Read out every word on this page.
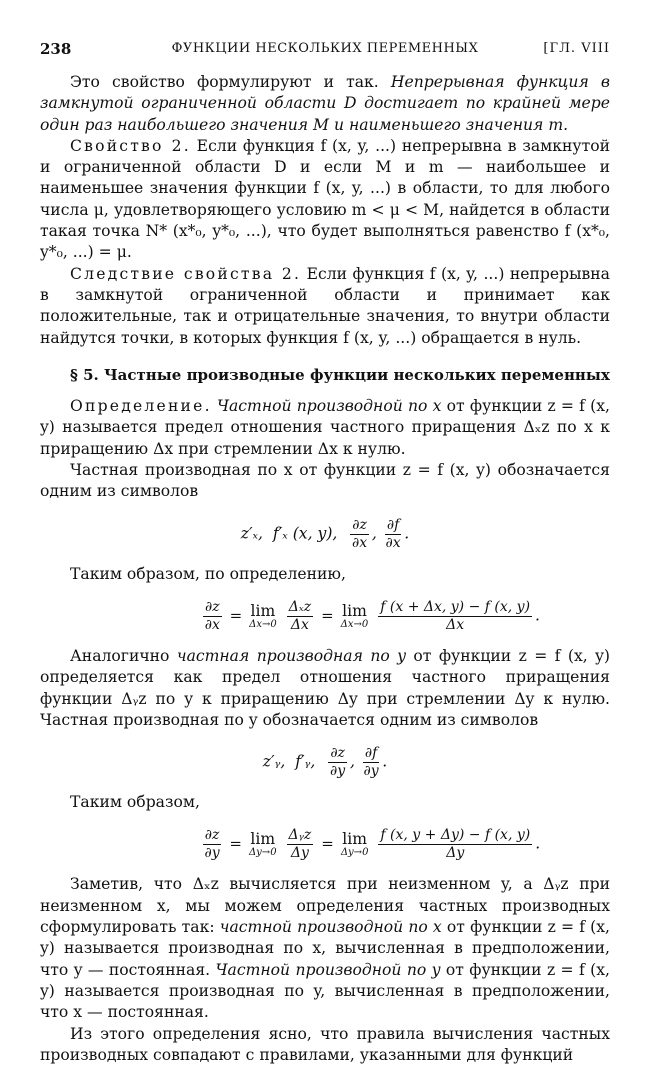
238	ФУНКЦИИ НЕСКОЛЬКИХ ПЕРЕМЕННЫХ	[ГЛ. VIII

Это свойство формулируют и так. Непрерывная функция в замкнутой ограниченной области D достигает по крайней мере один раз наибольшего значения M и наименьшего значения m.

Свойство 2. Если функция f (x, y, ...) непрерывна в замкнутой и ограниченной области D и если M и m — наибольшее и наименьшее значения функции f (x, y, ...) в области, то для любого числа μ, удовлетворяющего условию m < μ < M, найдется в области такая точка N* (x*₀, y*₀, ...), что будет выполняться равенство f (x*₀, y*₀, ...) = μ.

Следствие свойства 2. Если функция f (x, y, ...) непрерывна в замкнутой ограниченной области и принимает как положительные, так и отрицательные значения, то внутри области найдутся точки, в которых функция f (x, y, ...) обращается в нуль.

§ 5. Частные производные функции нескольких переменных

Определение. Частной производной по x от функции z = f (x, y) называется предел отношения частного приращения Δₓz по x к приращению Δx при стремлении Δx к нулю.

Частная производная по x от функции z = f (x, y) обозначается одним из символов

z′ₓ, f′ₓ (x, y), $\frac{\partial z}{\partial x}$ , $\frac{\partial f}{\partial x}$ .

Таким образом, по определению,

$\frac{\partial z}{\partial x} = \lim$
Δx→0
$\frac{\text{Δₓz}}{\Delta x} = \lim$
Δx→0
$\frac{f (x + \Delta x, y) - f (x, y)}{\Delta x}$ .

Аналогично частная производная по y от функции z = f (x, y) определяется как предел отношения частного приращения функции Δᵧz по y к приращению Δy при стремлении Δy к нулю. Частная производная по y обозначается одним из символов

z′ᵧ, f′ᵧ, $\frac{\partial z}{\partial y}$ , $\frac{\partial f}{\partial y}$ .

Таким образом,

$\frac{\partial z}{\partial y} = \lim$
Δy→0
$\frac{\text{Δᵧz}}{\Delta y} = \lim$
Δy→0
$\frac{f (x, y + \Delta y) - f (x, y)}{\Delta y}$ .

Заметив, что Δₓz вычисляется при неизменном y, а Δᵧz при неизменном x, мы можем определения частных производных сформулировать так: частной производной по x от функции z = f (x, y) называется производная по x, вычисленная в предположении, что y — постоянная. Частной производной по y от функции z = f (x, y) называется производная по y, вычисленная в предположении, что x — постоянная.

Из этого определения ясно, что правила вычисления частных производных совпадают с правилами, указанными для функций
